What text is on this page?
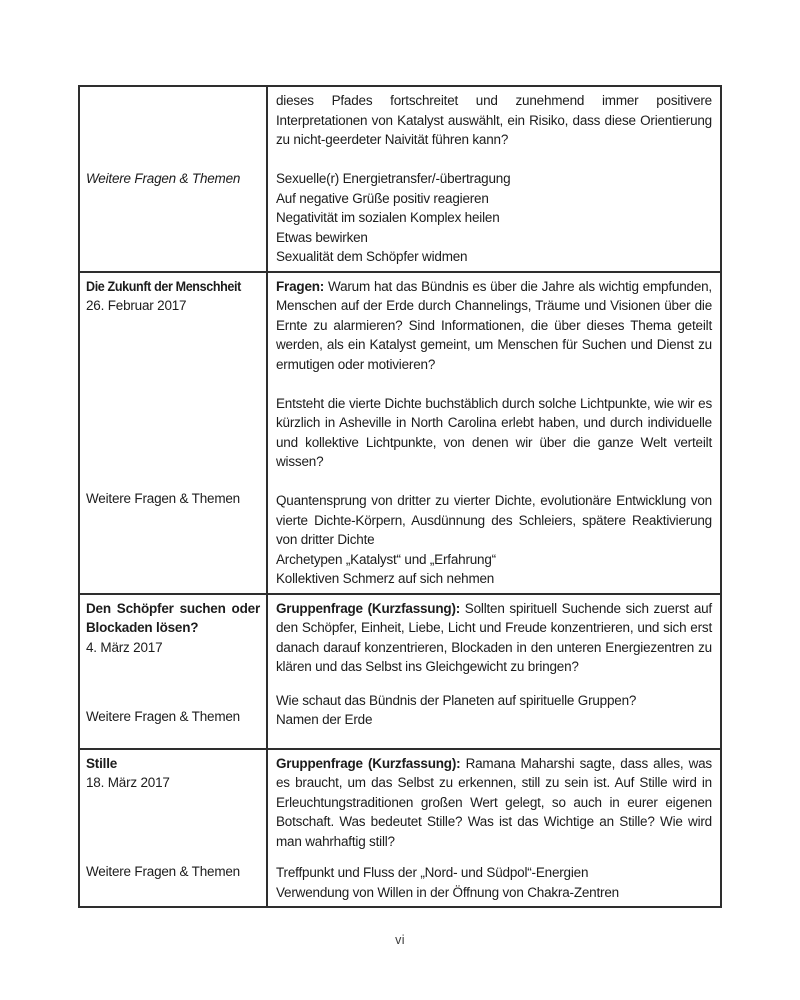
Weitere Fragen & Themen

dieses Pfades fortschreitet und zunehmend immer positivere Interpretationen von Katalyst auswählt, ein Risiko, dass diese Orientierung zu nicht-geerdeter Naivität führen kann?

Sexuelle(r) Energietransfer/-übertragung

Auf negative Grüße positiv reagieren

Negativität im sozialen Komplex heilen

Etwas bewirken

Sexualität dem Schöpfer widmen

Die Zukunft der Menschheit

26. Februar 2017

Weitere Fragen & Themen

Fragen: Warum hat das Bündnis es über die Jahre als wichtig empfunden, Menschen auf der Erde durch Channelings, Träume und Visionen über die Ernte zu alarmieren? Sind Informationen, die über dieses Thema geteilt werden, als ein Katalyst gemeint, um Menschen für Suchen und Dienst zu ermutigen oder motivieren?

Entsteht die vierte Dichte buchstäblich durch solche Lichtpunkte, wie wir es kürzlich in Asheville in North Carolina erlebt haben, und durch individuelle und kollektive Lichtpunkte, von denen wir über die ganze Welt verteilt wissen?

Quantensprung von dritter zu vierter Dichte, evolutionäre Entwicklung von vierte Dichte-Körpern, Ausdünnung des Schleiers, spätere Reaktivierung von dritter Dichte

Archetypen „Katalyst“ und „Erfahrung“

Kollektiven Schmerz auf sich nehmen

Den Schöpfer suchen oder Blockaden lösen?

4. März 2017

Weitere Fragen & Themen

Gruppenfrage (Kurzfassung): Sollten spirituell Suchende sich zuerst auf den Schöpfer, Einheit, Liebe, Licht und Freude konzentrieren, und sich erst danach darauf konzentrieren, Blockaden in den unteren Energiezentren zu klären und das Selbst ins Gleichgewicht zu bringen?

Wie schaut das Bündnis der Planeten auf spirituelle Gruppen?

Namen der Erde

Stille

18. März 2017

Weitere Fragen & Themen

Gruppenfrage (Kurzfassung): Ramana Maharshi sagte, dass alles, was es braucht, um das Selbst zu erkennen, still zu sein ist. Auf Stille wird in Erleuchtungstraditionen großen Wert gelegt, so auch in eurer eigenen Botschaft. Was bedeutet Stille? Was ist das Wichtige an Stille? Wie wird man wahrhaftig still?

Treffpunkt und Fluss der „Nord- und Südpol“-Energien

Verwendung von Willen in der Öffnung von Chakra-Zentren

vi
